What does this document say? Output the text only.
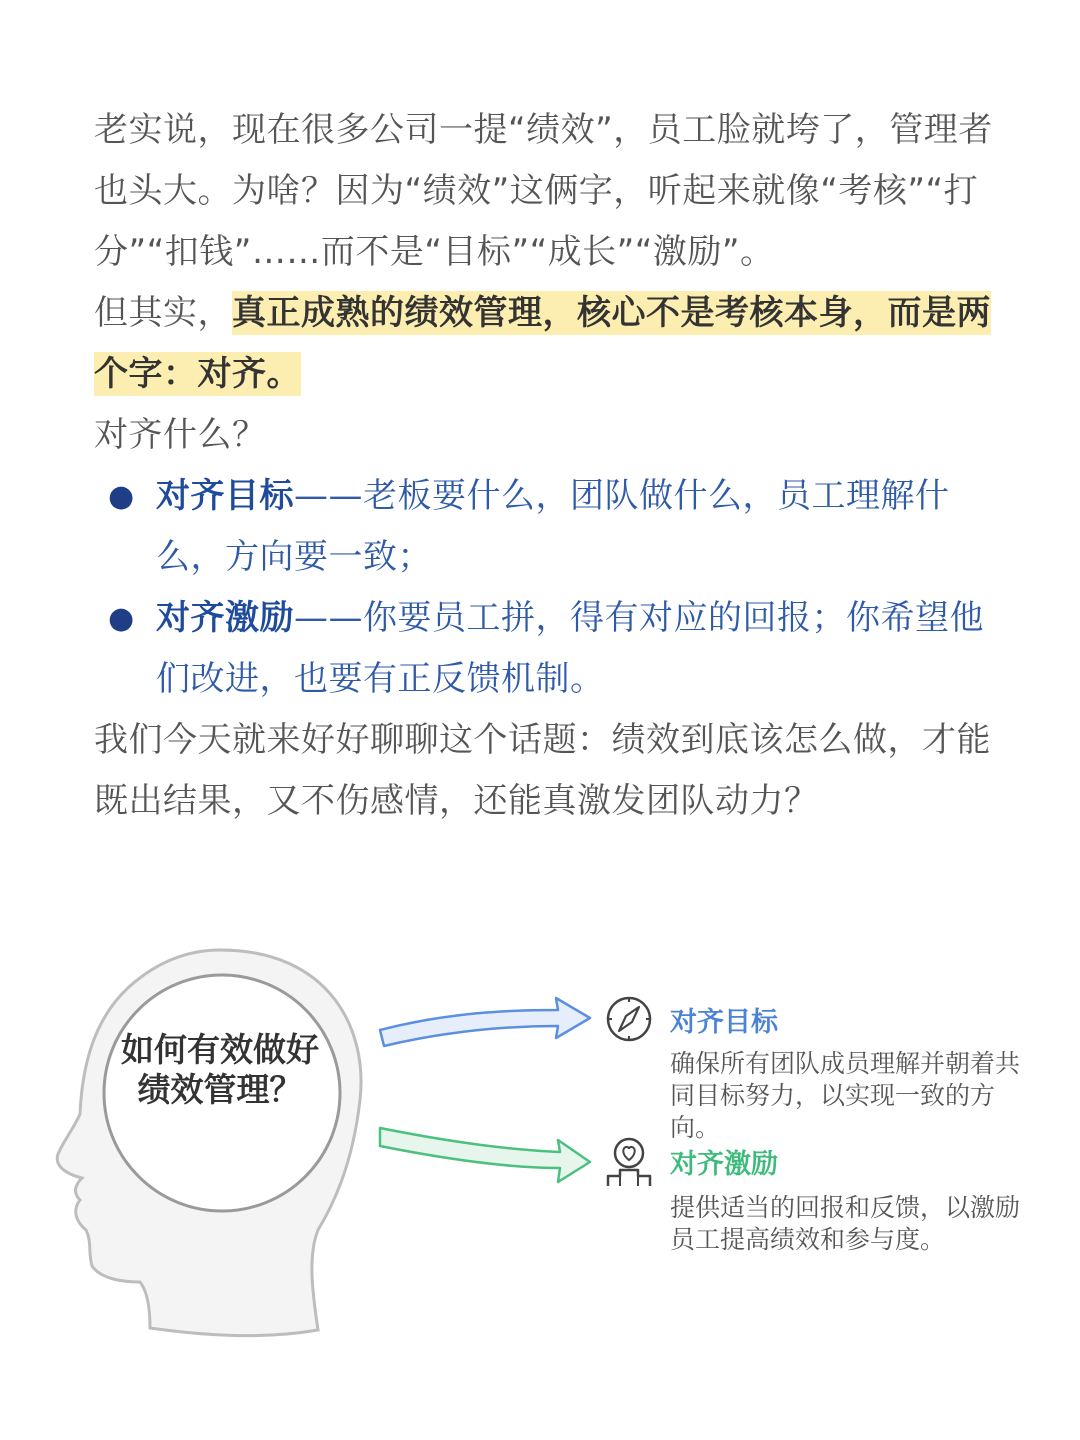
老实说，现在很多公司一提“绩效”，员工脸就垮了，管理者也头大。为啥？因为“绩效”这俩字，听起来就像“考核”“打分”“扣钱”……而不是“目标”“成长”“激励”。

但其实，真正成熟的绩效管理，核心不是考核本身，而是两个字：对齐。

对齐什么？

● 对齐目标——老板要什么，团队做什么，员工理解什么，方向要一致；
● 对齐激励——你要员工拼，得有对应的回报；你希望他们改进，也要有正反馈机制。

我们今天就来好好聊聊这个话题：绩效到底该怎么做，才能既出结果，又不伤感情，还能真激发团队动力？

如何有效做好绩效管理？
对齐目标
确保所有团队成员理解并朝着共同目标努力，以实现一致的方向。
对齐激励
提供适当的回报和反馈，以激励员工提高绩效和参与度。
